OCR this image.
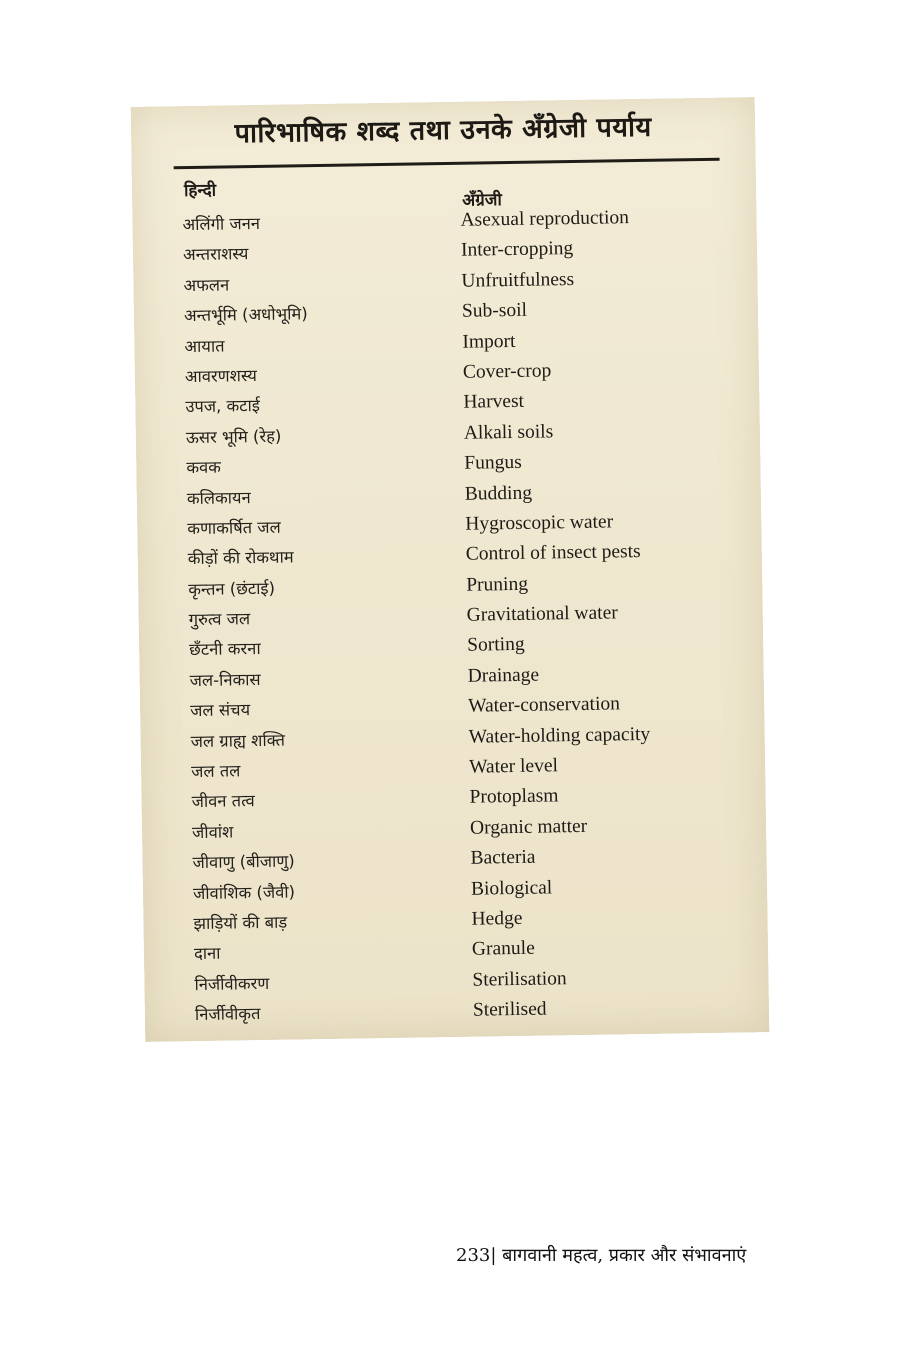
पारिभाषिक शब्द तथा उनके अँग्रेजी पर्याय
हिन्दी	अँग्रेजी
अलिंगी जनन	Asexual reproduction
अन्तराशस्य	Inter-cropping
अफलन	Unfruitfulness
अन्तर्भूमि (अधोभूमि)	Sub-soil
आयात	Import
आवरणशस्य	Cover-crop
उपज, कटाई	Harvest
ऊसर भूमि (रेह)	Alkali soils
कवक	Fungus
कलिकायन	Budding
कणाकर्षित जल	Hygroscopic water
कीड़ों की रोकथाम	Control of insect pests
कृन्तन (छंटाई)	Pruning
गुरुत्व जल	Gravitational water
छँटनी करना	Sorting
जल-निकास	Drainage
जल संचय	Water-conservation
जल ग्राह्य शक्ति	Water-holding capacity
जल तल	Water level
जीवन तत्व	Protoplasm
जीवांश	Organic matter
जीवाणु (बीजाणु)	Bacteria
जीवांशिक (जैवी)	Biological
झाड़ियों की बाड़	Hedge
दाना	Granule
निर्जीवीकरण	Sterilisation
निर्जीवीकृत	Sterilised
233| बागवानी महत्व, प्रकार और संभावनाएं
